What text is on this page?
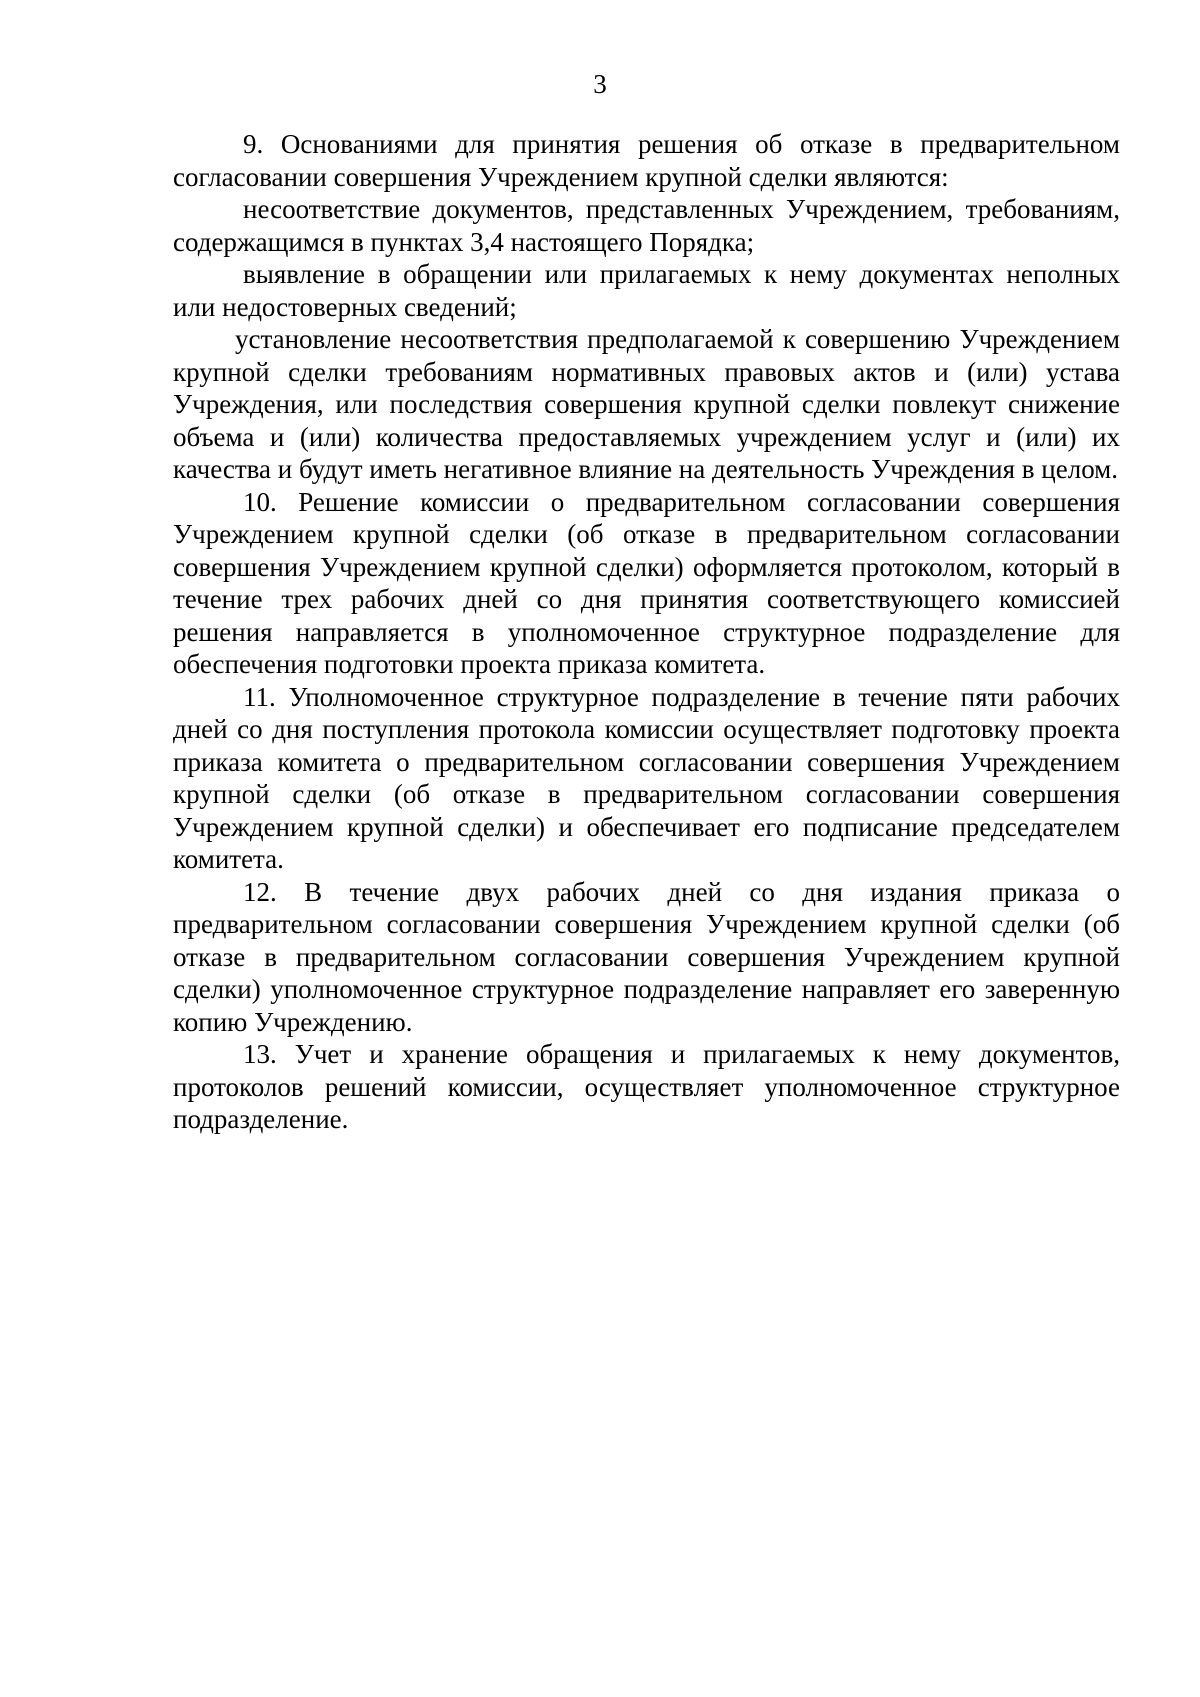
3

9. Основаниями для принятия решения об отказе в предварительном согласовании совершения Учреждением крупной сделки являются:

несоответствие документов, представленных Учреждением, требованиям, содержащимся в пунктах 3,4 настоящего Порядка;

выявление в обращении или прилагаемых к нему документах неполных или недостоверных сведений;

установление несоответствия предполагаемой к совершению Учреждением крупной сделки требованиям нормативных правовых актов и (или) устава Учреждения, или последствия совершения крупной сделки повлекут снижение объема и (или) количества предоставляемых учреждением услуг и (или) их качества и будут иметь негативное влияние на деятельность Учреждения в целом.

10. Решение комиссии о предварительном согласовании совершения Учреждением крупной сделки (об отказе в предварительном согласовании совершения Учреждением крупной сделки) оформляется протоколом, который в течение трех рабочих дней со дня принятия соответствующего комиссией решения направляется в уполномоченное структурное подразделение для обеспечения подготовки проекта приказа комитета.

11. Уполномоченное структурное подразделение в течение пяти рабочих дней со дня поступления протокола комиссии осуществляет подготовку проекта приказа комитета о предварительном согласовании совершения Учреждением крупной сделки (об отказе в предварительном согласовании совершения Учреждением крупной сделки) и обеспечивает его подписание председателем комитета.

12. В течение двух рабочих дней со дня издания приказа о предварительном согласовании совершения Учреждением крупной сделки (об отказе в предварительном согласовании совершения Учреждением крупной сделки) уполномоченное структурное подразделение направляет его заверенную копию Учреждению.

13. Учет и хранение обращения и прилагаемых к нему документов, протоколов решений комиссии, осуществляет уполномоченное структурное подразделение.
